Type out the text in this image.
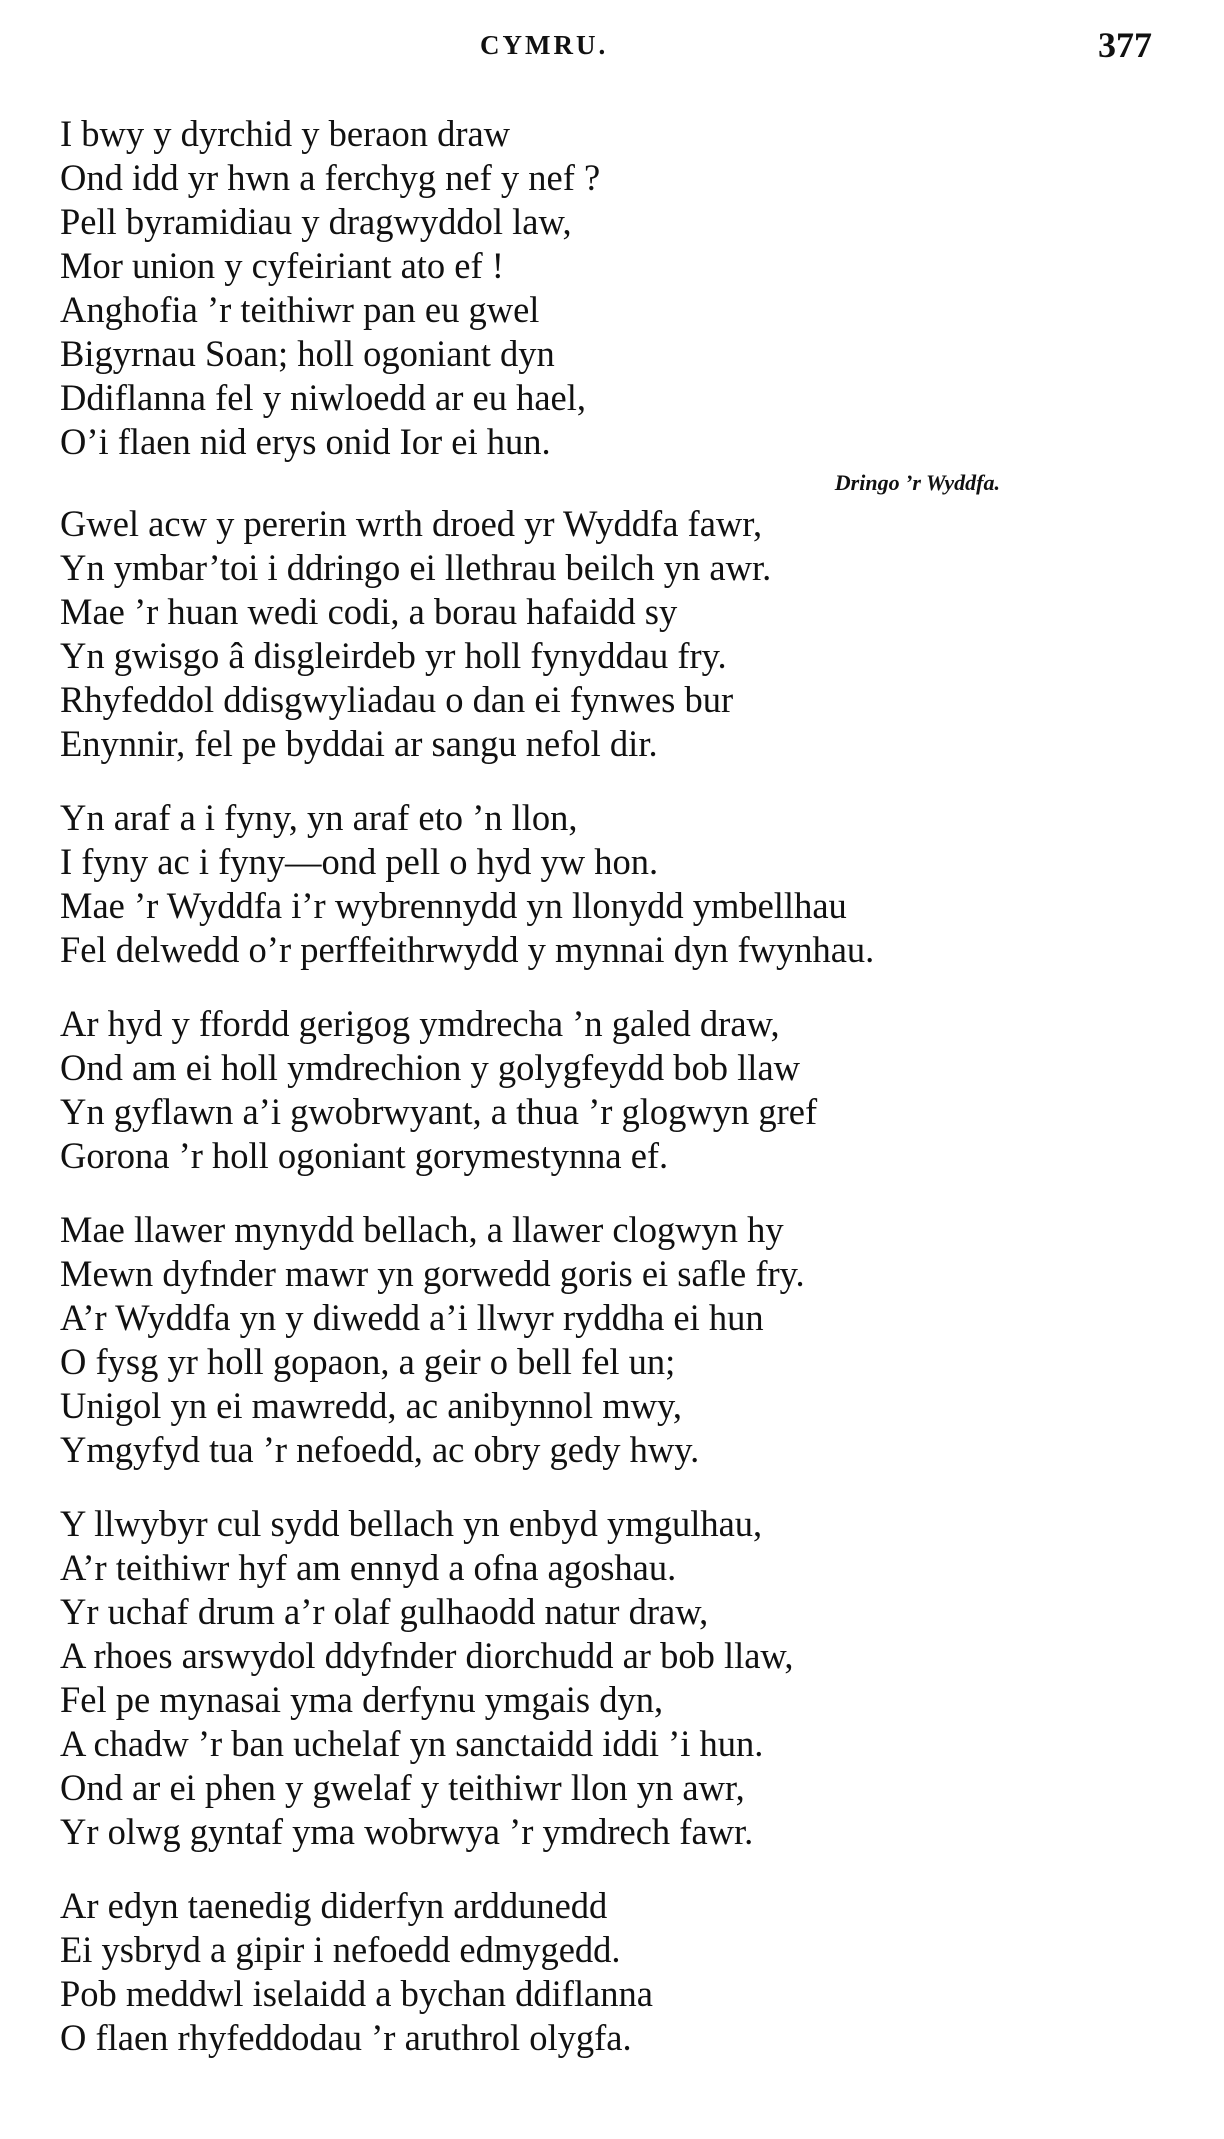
CYMRU.	377
I bwy y dyrchid y beraon draw
Ond idd yr hwn a ferchyg nef y nef ?
Pell byramidiau y dragwyddol law,
Mor union y cyfeiriant ato ef !
Anghofia ’r teithiwr pan eu gwel
Bigyrnau Soan; holl ogoniant dyn
Ddiflanna fel y niwloedd ar eu hael,
O’i flaen nid erys onid Ior ei hun.
Dringo ’r Wyddfa.
Gwel acw y pererin wrth droed yr Wyddfa fawr,
Yn ymbar’toi i ddringo ei llethrau beilch yn awr.
Mae ’r huan wedi codi, a borau hafaidd sy
Yn gwisgo â disgleirdeb yr holl fynyddau fry.
Rhyfeddol ddisgwyliadau o dan ei fynwes bur
Enynnir, fel pe byddai ar sangu nefol dir.
Yn araf a i fyny, yn araf eto ’n llon,
I fyny ac i fyny—ond pell o hyd yw hon.
Mae ’r Wyddfa i’r wybrennydd yn llonydd ymbellhau
Fel delwedd o’r perffeithrwydd y mynnai dyn fwynhau.
Ar hyd y ffordd gerigog ymdrecha ’n galed draw,
Ond am ei holl ymdrechion y golygfeydd bob llaw
Yn gyflawn a’i gwobrwyant, a thua ’r glogwyn gref
Gorona ’r holl ogoniant gorymestynna ef.
Mae llawer mynydd bellach, a llawer clogwyn hy
Mewn dyfnder mawr yn gorwedd goris ei safle fry.
A’r Wyddfa yn y diwedd a’i llwyr ryddha ei hun
O fysg yr holl gopaon, a geir o bell fel un;
Unigol yn ei mawredd, ac anibynnol mwy,
Ymgyfyd tua ’r nefoedd, ac obry gedy hwy.
Y llwybyr cul sydd bellach yn enbyd ymgulhau,
A’r teithiwr hyf am ennyd a ofna agoshau.
Yr uchaf drum a’r olaf gulhaodd natur draw,
A rhoes arswydol ddyfnder diorchudd ar bob llaw,
Fel pe mynasai yma derfynu ymgais dyn,
A chadw ’r ban uchelaf yn sanctaidd iddi ’i hun.
Ond ar ei phen y gwelaf y teithiwr llon yn awr,
Yr olwg gyntaf yma wobrwya ’r ymdrech fawr.
Ar edyn taenedig diderfyn arddunedd
Ei ysbryd a gipir i nefoedd edmygedd.
Pob meddwl iselaidd a bychan ddiflanna
O flaen rhyfeddodau ’r aruthrol olygfa.
